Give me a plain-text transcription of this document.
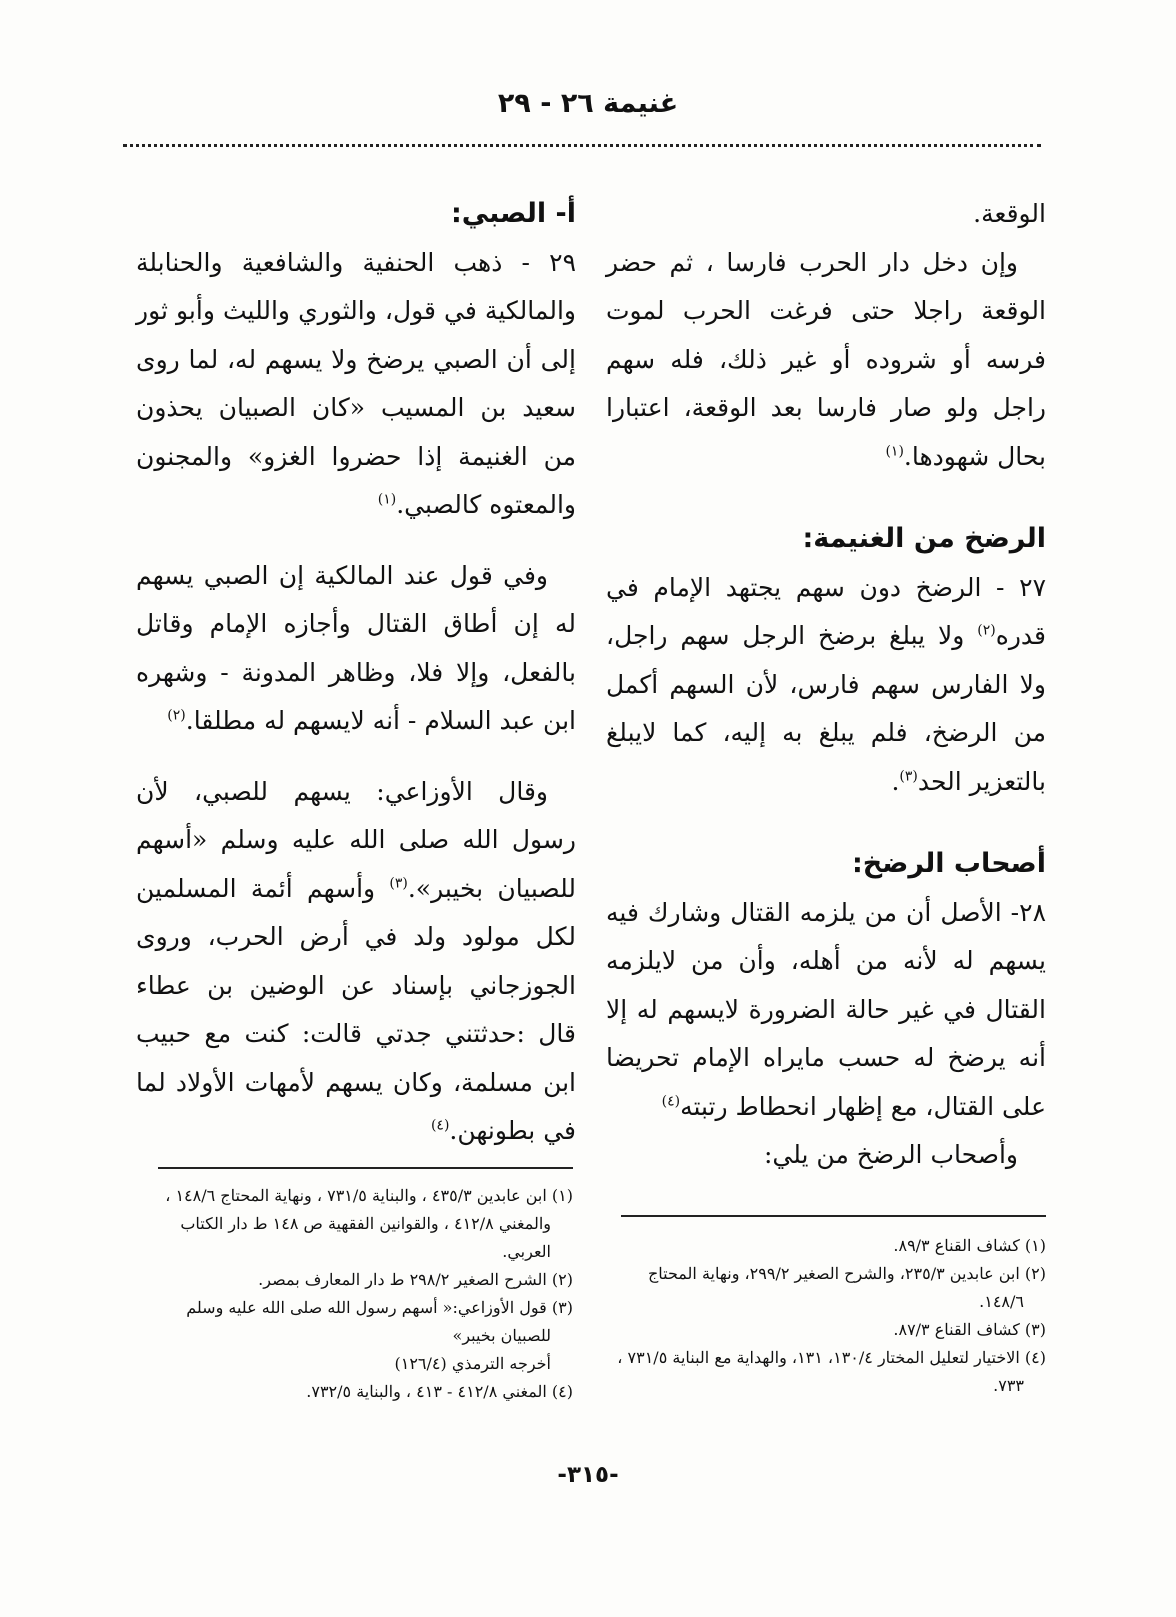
غنيمة ٢٦ - ٢٩

الوقعة.

وإن دخل دار الحرب فارسا ، ثم حضر الوقعة راجلا حتى فرغت الحرب لموت فرسه أو شروده أو غير ذلك، فله سهم راجل ولو صار فارسا بعد الوقعة، اعتبارا بحال شهودها.$^{(١)}$

الرضخ من الغنيمة:

٢٧ - الرضخ دون سهم يجتهد الإمام في قدره$^{(٢)}$ ولا يبلغ برضخ الرجل سهم راجل، ولا الفارس سهم فارس، لأن السهم أكمل من الرضخ، فلم يبلغ به إليه، كما لايبلغ بالتعزير الحد$^{(٣)}$.

أصحاب الرضخ:

٢٨- الأصل أن من يلزمه القتال وشارك فيه يسهم له لأنه من أهله، وأن من لايلزمه القتال في غير حالة الضرورة لايسهم له إلا أنه يرضخ له حسب مايراه الإمام تحريضا على القتال، مع إظهار انحطاط رتبته$^{(٤)}$

وأصحاب الرضخ من يلي:

أ- الصبي:

٢٩ - ذهب الحنفية والشافعية والحنابلة والمالكية في قول، والثوري والليث وأبو ثور إلى أن الصبي يرضخ ولا يسهم له، لما روى سعيد بن المسيب «كان الصبيان يحذون من الغنيمة إذا حضروا الغزو» والمجنون والمعتوه كالصبي.$^{(١)}$

وفي قول عند المالكية إن الصبي يسهم له إن أطاق القتال وأجازه الإمام وقاتل بالفعل، وإلا فلا، وظاهر المدونة - وشهره ابن عبد السلام - أنه لايسهم له مطلقا.$^{(٢)}$

وقال الأوزاعي: يسهم للصبي، لأن رسول الله صلى الله عليه وسلم «أسهم للصبيان بخيبر».$^{(٣)}$ وأسهم أئمة المسلمين لكل مولود ولد في أرض الحرب، وروى الجوزجاني بإسناد عن الوضين بن عطاء قال :حدثتني جدتي قالت: كنت مع حبيب ابن مسلمة، وكان يسهم لأمهات الأولاد لما في بطونهن.$^{(٤)}$

(١) كشاف القناع ٨٩/٣.

(٢) ابن عابدين ٢٣٥/٣، والشرح الصغير ٢٩٩/٢، ونهاية المحتاج ١٤٨/٦.

(٣) كشاف القناع ٨٧/٣.

(٤) الاختيار لتعليل المختار ١٣٠/٤، ١٣١، والهداية مع البناية ٧٣١/٥ ، ٧٣٣.

(١) ابن عابدين ٤٣٥/٣ ، والبناية ٧٣١/٥ ، ونهاية المحتاج ١٤٨/٦ ، والمغني ٤١٢/٨ ، والقوانين الفقهية ص ١٤٨ ط دار الكتاب العربي.

(٢) الشرح الصغير ٢٩٨/٢ ط دار المعارف بمصر.

(٣) قول الأوزاعي:« أسهم رسول الله صلى الله عليه وسلم للصبيان بخيبر»

أخرجه الترمذي (١٢٦/٤)

(٤) المغني ٤١٢/٨ - ٤١٣ ، والبناية ٧٣٢/٥.

-٣١٥-
